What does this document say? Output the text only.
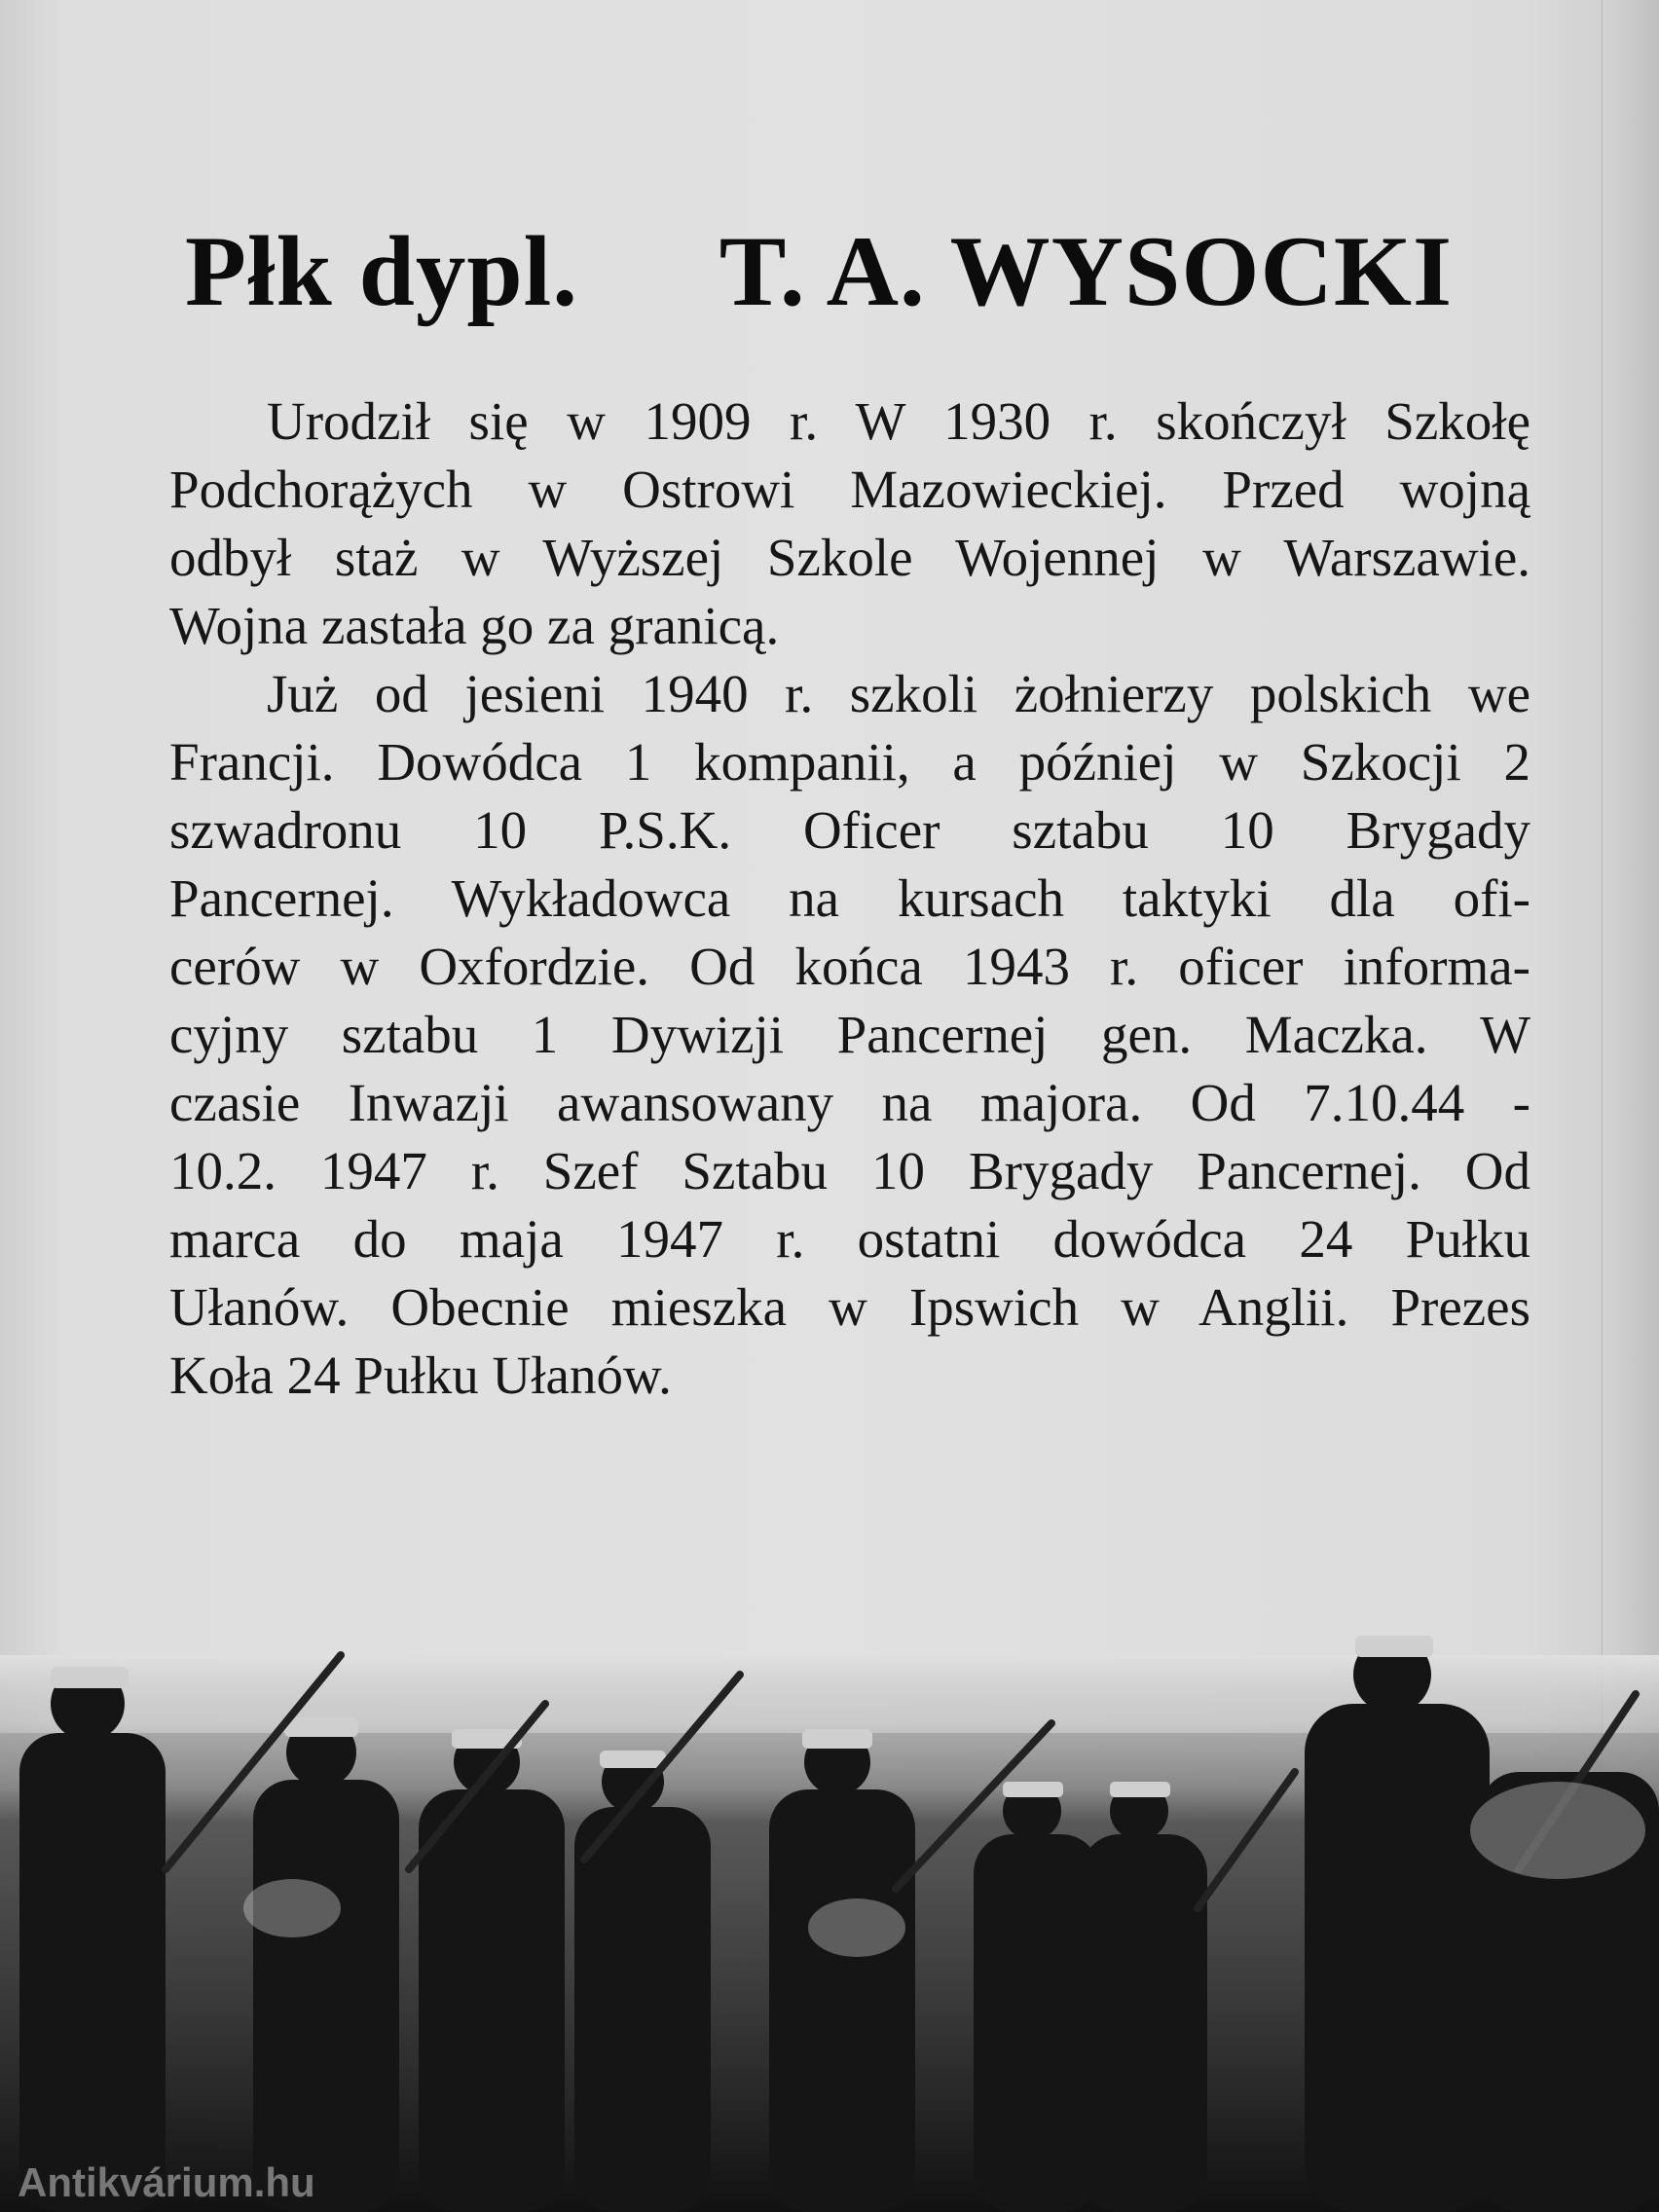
Płk dypl. T. A. WYSOCKI
Urodził się w 1909 r. W 1930 r. skończył Szkołę
Podchorążych w Ostrowi Mazowieckiej. Przed wojną
odbył staż w Wyższej Szkole Wojennej w Warszawie.
Wojna zastała go za granicą.
Już od jesieni 1940 r. szkoli żołnierzy polskich we
Francji. Dowódca 1 kompanii, a później w Szkocji 2
szwadronu 10 P.S.K. Oficer sztabu 10 Brygady
Pancernej. Wykładowca na kursach taktyki dla ofi-
cerów w Oxfordzie. Od końca 1943 r. oficer informa-
cyjny sztabu 1 Dywizji Pancernej gen. Maczka. W
czasie Inwazji awansowany na majora. Od 7.10.44 -
10.2. 1947 r. Szef Sztabu 10 Brygady Pancernej. Od
marca do maja 1947 r. ostatni dowódca 24 Pułku
Ułanów. Obecnie mieszka w Ipswich w Anglii. Prezes
Koła 24 Pułku Ułanów.
Antikvárium.hu
